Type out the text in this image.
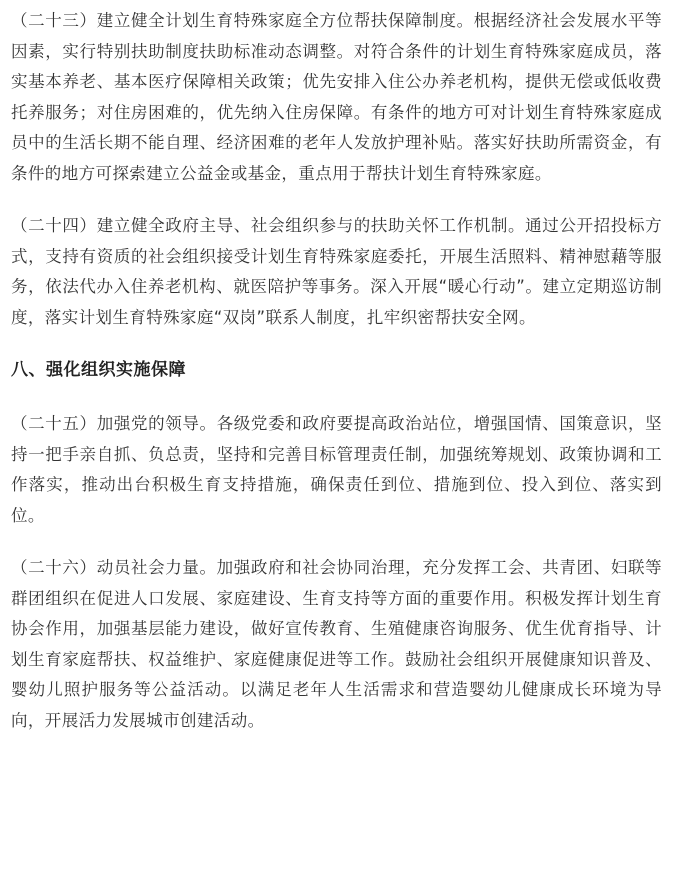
（二十三）建立健全计划生育特殊家庭全方位帮扶保障制度。根据经济社会发展水平等因素，实行特别扶助制度扶助标准动态调整。对符合条件的计划生育特殊家庭成员，落实基本养老、基本医疗保障相关政策；优先安排入住公办养老机构，提供无偿或低收费托养服务；对住房困难的，优先纳入住房保障。有条件的地方可对计划生育特殊家庭成员中的生活长期不能自理、经济困难的老年人发放护理补贴。落实好扶助所需资金，有条件的地方可探索建立公益金或基金，重点用于帮扶计划生育特殊家庭。

（二十四）建立健全政府主导、社会组织参与的扶助关怀工作机制。通过公开招投标方式，支持有资质的社会组织接受计划生育特殊家庭委托，开展生活照料、精神慰藉等服务，依法代办入住养老机构、就医陪护等事务。深入开展“暖心行动”。建立定期巡访制度，落实计划生育特殊家庭“双岗”联系人制度，扎牢织密帮扶安全网。

八、强化组织实施保障

（二十五）加强党的领导。各级党委和政府要提高政治站位，增强国情、国策意识，坚持一把手亲自抓、负总责，坚持和完善目标管理责任制，加强统筹规划、政策协调和工作落实，推动出台积极生育支持措施，确保责任到位、措施到位、投入到位、落实到位。

（二十六）动员社会力量。加强政府和社会协同治理，充分发挥工会、共青团、妇联等群团组织在促进人口发展、家庭建设、生育支持等方面的重要作用。积极发挥计划生育协会作用，加强基层能力建设，做好宣传教育、生殖健康咨询服务、优生优育指导、计划生育家庭帮扶、权益维护、家庭健康促进等工作。鼓励社会组织开展健康知识普及、婴幼儿照护服务等公益活动。以满足老年人生活需求和营造婴幼儿健康成长环境为导向，开展活力发展城市创建活动。
